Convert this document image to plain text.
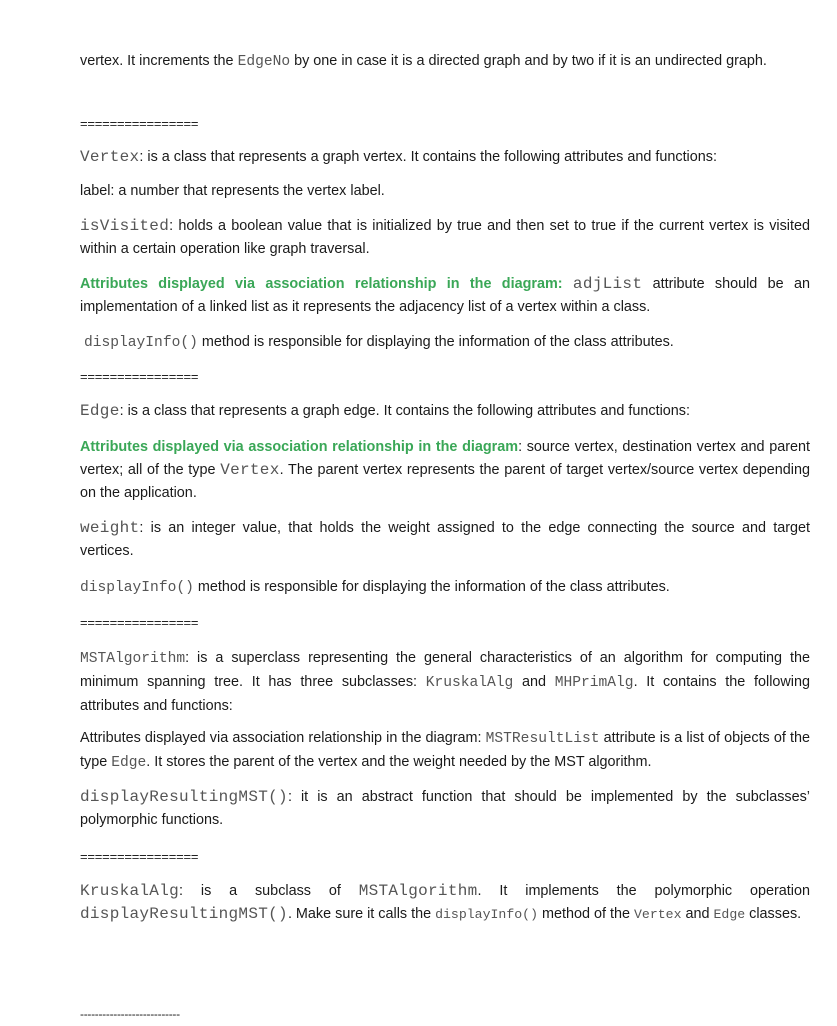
vertex. It increments the EdgeNo by one in case it is a directed graph and by two if it is an undirected graph.

================

Vertex: is a class that represents a graph vertex. It contains the following attributes and functions:

label: a number that represents the vertex label.

isVisited: holds a boolean value that is initialized by true and then set to true if the current vertex is visited within a certain operation like graph traversal.

Attributes displayed via association relationship in the diagram: adjList attribute should be an implementation of a linked list as it represents the adjacency list of a vertex within a class.

displayInfo() method is responsible for displaying the information of the class attributes.

================

Edge: is a class that represents a graph edge. It contains the following attributes and functions:

Attributes displayed via association relationship in the diagram: source vertex, destination vertex and parent vertex; all of the type Vertex. The parent vertex represents the parent of target vertex/source vertex depending on the application.

weight: is an integer value, that holds the weight assigned to the edge connecting the source and target vertices.

displayInfo() method is responsible for displaying the information of the class attributes.

================

MSTAlgorithm: is a superclass representing the general characteristics of an algorithm for computing the minimum spanning tree. It has three subclasses: KruskalAlg and MHPrimAlg. It contains the following attributes and functions:

Attributes displayed via association relationship in the diagram: MSTResultList attribute is a list of objects of the type Edge. It stores the parent of the vertex and the weight needed by the MST algorithm.

displayResultingMST(): it is an abstract function that should be implemented by the subclasses’ polymorphic functions.

================

KruskalAlg: is a subclass of MSTAlgorithm. It implements the polymorphic operation displayResultingMST(). Make sure it calls the displayInfo() method of the Vertex and Edge classes.

---------------------------
